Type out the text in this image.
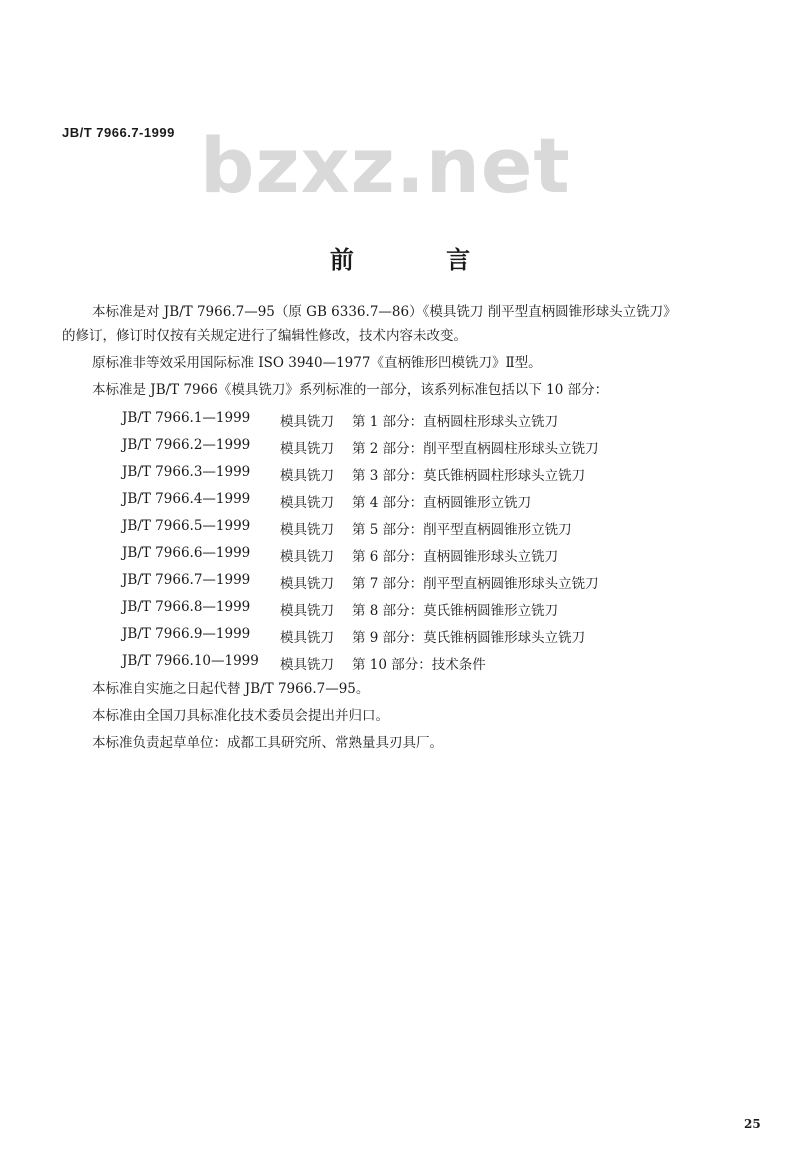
JB/T 7966.7-1999 bzxz.net
前 言
本标准是对 JB/T 7966.7—95（原 GB 6336.7—86）《模具铣刀 削平型直柄圆锥形球头立铣刀》
的修订，修订时仅按有关规定进行了编辑性修改，技术内容未改变。
原标准非等效采用国际标准 ISO 3940—1977《直柄锥形凹模铣刀》Ⅱ型。
本标准是 JB/T 7966《模具铣刀》系列标准的一部分，该系列标准包括以下 10 部分：
JB/T 7966.1—1999	模具铣刀	第 1 部分：直柄圆柱形球头立铣刀
JB/T 7966.2—1999	模具铣刀	第 2 部分：削平型直柄圆柱形球头立铣刀
JB/T 7966.3—1999	模具铣刀	第 3 部分：莫氏锥柄圆柱形球头立铣刀
JB/T 7966.4—1999	模具铣刀	第 4 部分：直柄圆锥形立铣刀
JB/T 7966.5—1999	模具铣刀	第 5 部分：削平型直柄圆锥形立铣刀
JB/T 7966.6—1999	模具铣刀	第 6 部分：直柄圆锥形球头立铣刀
JB/T 7966.7—1999	模具铣刀	第 7 部分：削平型直柄圆锥形球头立铣刀
JB/T 7966.8—1999	模具铣刀	第 8 部分：莫氏锥柄圆锥形立铣刀
JB/T 7966.9—1999	模具铣刀	第 9 部分：莫氏锥柄圆锥形球头立铣刀
JB/T 7966.10—1999	模具铣刀	第 10 部分：技术条件
本标准自实施之日起代替 JB/T 7966.7—95。
本标准由全国刀具标准化技术委员会提出并归口。
本标准负责起草单位：成都工具研究所、常熟量具刃具厂。
25
